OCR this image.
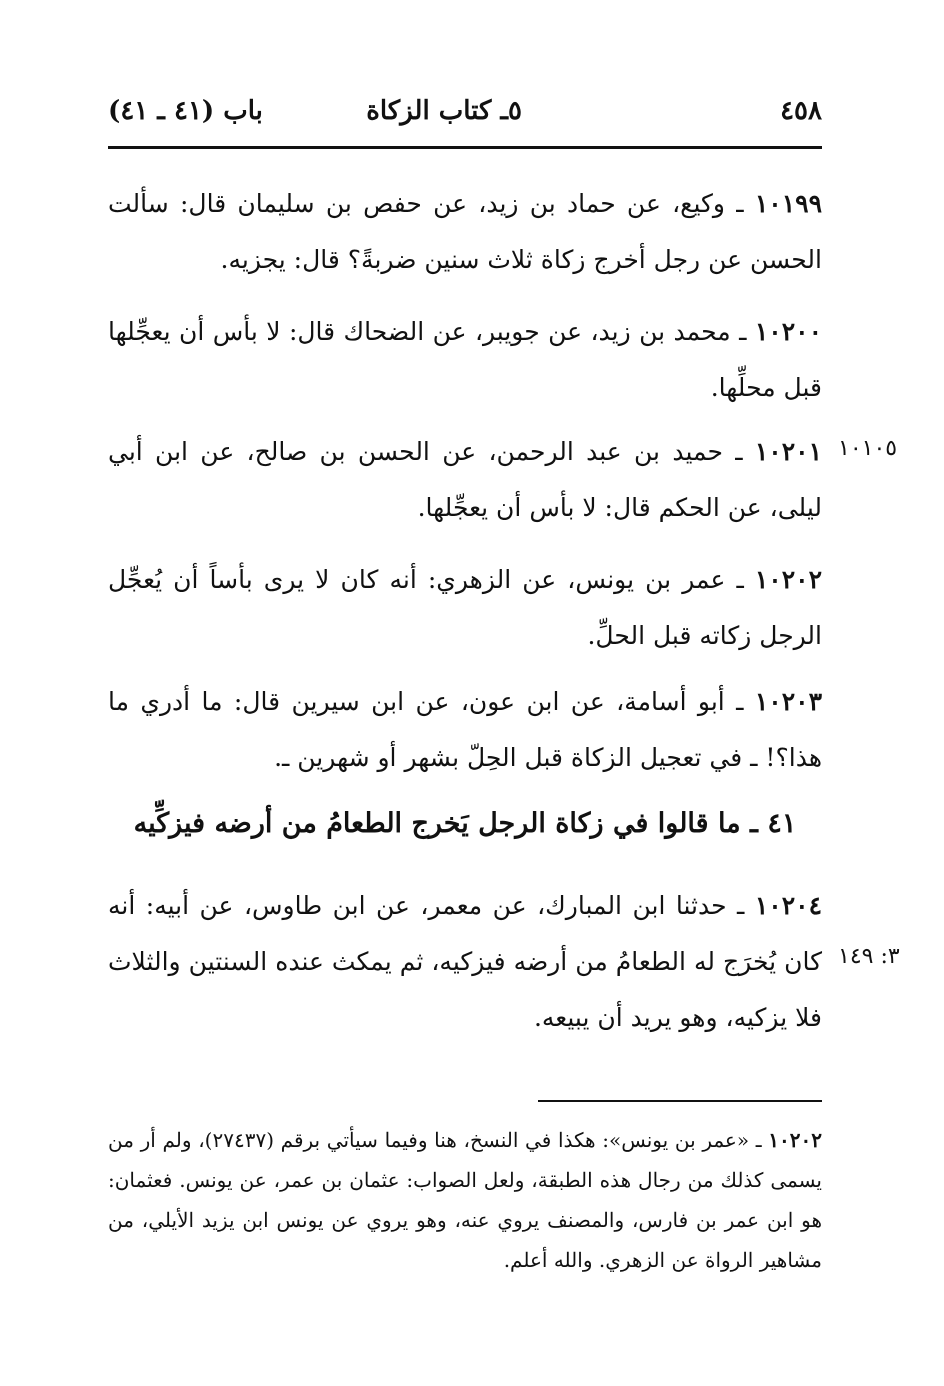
٤٥٨
٥ـ كتاب الزكاة
باب (٤١ ـ ٤١)
١٠١٩٩ ـ وكيع، عن حماد بن زيد، عن حفص بن سليمان قال: سألت الحسن عن رجل أخرج زكاة ثلاث سنين ضربةً؟ قال: يجزيه.
١٠٢٠٠ ـ محمد بن زيد، عن جويبر، عن الضحاك قال: لا بأس أن يعجِّلها قبل محلِّها.
١٠١٠٥
١٠٢٠١ ـ حميد بن عبد الرحمن، عن الحسن بن صالح، عن ابن أبي ليلى، عن الحكم قال: لا بأس أن يعجِّلها.
١٠٢٠٢ ـ عمر بن يونس، عن الزهري: أنه كان لا يرى بأساً أن يُعجِّل الرجل زكاته قبل الحلِّ.
١٠٢٠٣ ـ أبو أسامة، عن ابن عون، عن ابن سيرين قال: ما أدري ما هذا؟! ـ في تعجيل الزكاة قبل الحِلّ بشهر أو شهرين ـ.
٤١ ـ ما قالوا في زكاة الرجل يَخرج الطعامُ من أرضه فيزكِّيه
٣: ١٤٩
١٠٢٠٤ ـ حدثنا ابن المبارك، عن معمر، عن ابن طاوس، عن أبيه: أنه كان يُخرَج له الطعامُ من أرضه فيزكيه، ثم يمكث عنده السنتين والثلاث فلا يزكيه، وهو يريد أن يبيعه.
١٠٢٠٢ ـ «عمر بن يونس»: هكذا في النسخ، هنا وفيما سيأتي برقم (٢٧٤٣٧)، ولم أر من يسمى كذلك من رجال هذه الطبقة، ولعل الصواب: عثمان بن عمر، عن يونس. فعثمان: هو ابن عمر بن فارس، والمصنف يروي عنه، وهو يروي عن يونس ابن يزيد الأيلي، من مشاهير الرواة عن الزهري. والله أعلم.
